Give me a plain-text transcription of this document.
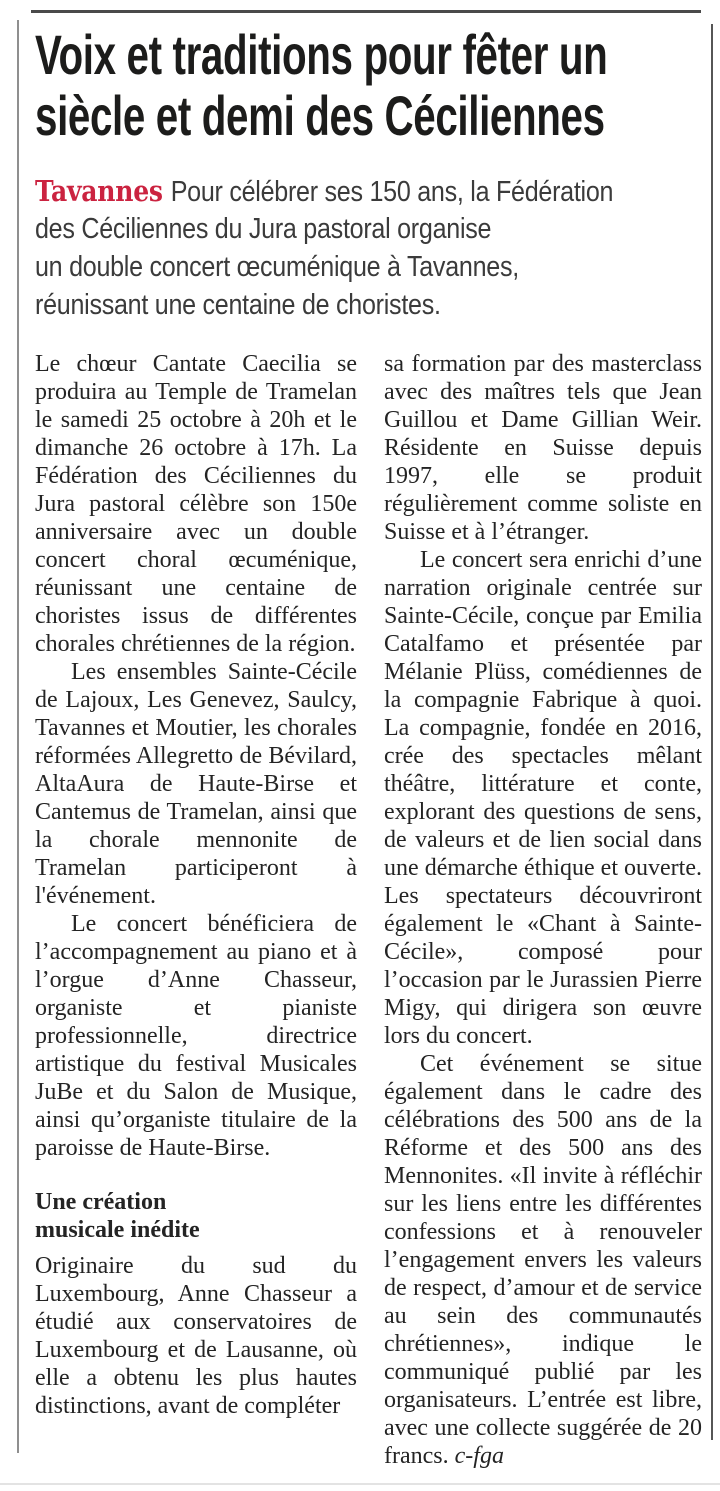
Voix et traditions pour fêter un
siècle et demi des Céciliennes
Tavannes Pour célébrer ses 150 ans, la Fédération
des Céciliennes du Jura pastoral organise
un double concert œcuménique à Tavannes,
réunissant une centaine de choristes.

Le chœur Cantate Caecilia se produira au Temple de Tramelan le samedi 25 octobre à 20h et le dimanche 26 octobre à 17h. La Fédération des Céciliennes du Jura pastoral célèbre son 150e anniversaire avec un double concert choral œcuménique, réunissant une centaine de choristes issus de différentes chorales chrétiennes de la région.

Les ensembles Sainte-Cécile de Lajoux, Les Genevez, Saulcy, Tavannes et Moutier, les chorales réformées Allegretto de Bévilard, AltaAura de Haute-Birse et Cantemus de Tramelan, ainsi que la chorale mennonite de Tramelan participeront à l'événement.

Le concert bénéficiera de l’accompagnement au piano et à l’orgue d’Anne Chasseur, organiste et pianiste professionnelle, directrice artistique du festival Musicales JuBe et du Salon de Musique, ainsi qu’organiste titulaire de la paroisse de Haute-Birse.

Une création
musicale inédite

Originaire du sud du Luxembourg, Anne Chasseur a étudié aux conservatoires de Luxembourg et de Lausanne, où elle a obtenu les plus hautes distinctions, avant de compléter

sa formation par des masterclass avec des maîtres tels que Jean Guillou et Dame Gillian Weir. Résidente en Suisse depuis 1997, elle se produit régulièrement comme soliste en Suisse et à l’étranger.

Le concert sera enrichi d’une narration originale centrée sur Sainte-Cécile, conçue par Emilia Catalfamo et présentée par Mélanie Plüss, comédiennes de la compagnie Fabrique à quoi. La compagnie, fondée en 2016, crée des spectacles mêlant théâtre, littérature et conte, explorant des questions de sens, de valeurs et de lien social dans une démarche éthique et ouverte. Les spectateurs découvriront également le «Chant à Sainte-Cécile», composé pour l’occasion par le Jurassien Pierre Migy, qui dirigera son œuvre lors du concert.

Cet événement se situe également dans le cadre des célébrations des 500 ans de la Réforme et des 500 ans des Mennonites. «Il invite à réfléchir sur les liens entre les différentes confessions et à renouveler l’engagement envers les valeurs de respect, d’amour et de service au sein des communautés chrétiennes», indique le communiqué publié par les organisateurs. L’entrée est libre, avec une collecte suggérée de 20 francs. c-fga
